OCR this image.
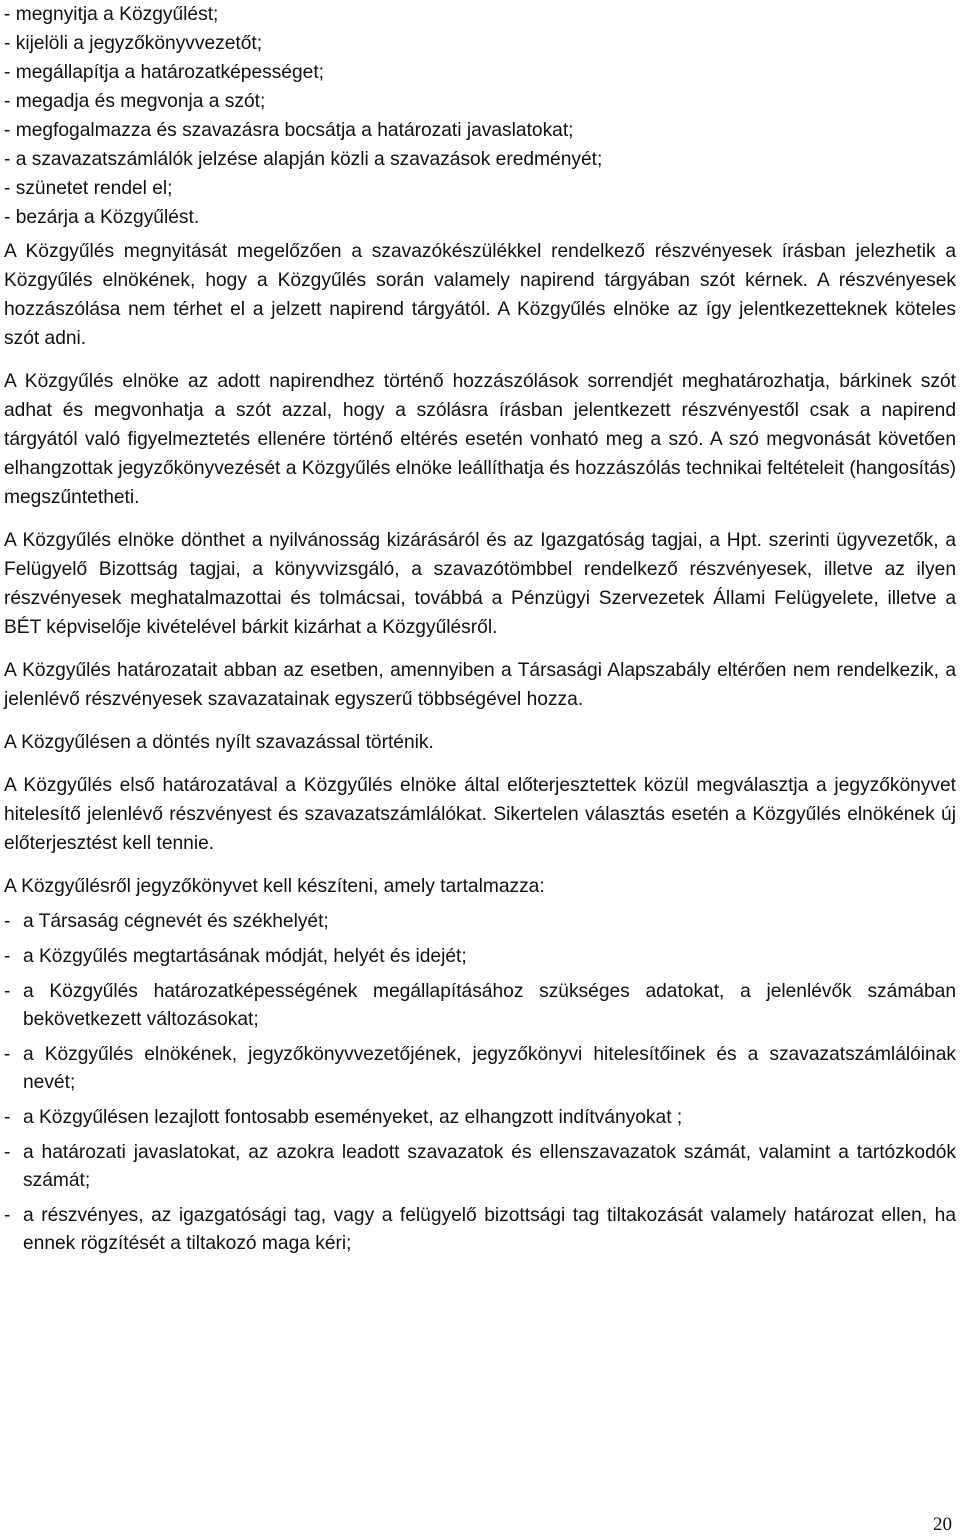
- megnyitja a Közgyűlést;
- kijelöli a jegyzőkönyvvezetőt;
- megállapítja a határozatképességet;
- megadja és megvonja a szót;
- megfogalmazza és szavazásra bocsátja a határozati javaslatokat;
- a szavazatszámlálók jelzése alapján közli a szavazások eredményét;
- szünetet rendel el;
- bezárja a Közgyűlést.

A Közgyűlés megnyitását megelőzően a szavazókészülékkel rendelkező részvényesek írásban jelezhetik a Közgyűlés elnökének, hogy a Közgyűlés során valamely napirend tárgyában szót kérnek. A részvényesek hozzászólása nem térhet el a jelzett napirend tárgyától. A Közgyűlés elnöke az így jelentkezetteknek köteles szót adni.

A Közgyűlés elnöke az adott napirendhez történő hozzászólások sorrendjét meghatározhatja, bárkinek szót adhat és megvonhatja a szót azzal, hogy a szólásra írásban jelentkezett részvényestől csak a napirend tárgyától való figyelmeztetés ellenére történő eltérés esetén vonható meg a szó. A szó megvonását követően elhangzottak jegyzőkönyvezését a Közgyűlés elnöke leállíthatja és hozzászólás technikai feltételeit (hangosítás) megszűntetheti.

A Közgyűlés elnöke dönthet a nyilvánosság kizárásáról és az Igazgatóság tagjai, a Hpt. szerinti ügyvezetők, a Felügyelő Bizottság tagjai, a könyvvizsgáló, a szavazótömbbel rendelkező részvényesek, illetve az ilyen részvényesek meghatalmazottai és tolmácsai, továbbá a Pénzügyi Szervezetek Állami Felügyelete, illetve a BÉT képviselője kivételével bárkit kizárhat a Közgyűlésről.

A Közgyűlés határozatait abban az esetben, amennyiben a Társasági Alapszabály eltérően nem rendelkezik, a jelenlévő részvényesek szavazatainak egyszerű többségével hozza.

A Közgyűlésen a döntés nyílt szavazással történik.

A Közgyűlés első határozatával a Közgyűlés elnöke által előterjesztettek közül megválasztja a jegyzőkönyvet hitelesítő jelenlévő részvényest és szavazatszámlálókat. Sikertelen választás esetén a Közgyűlés elnökének új előterjesztést kell tennie.

A Közgyűlésről jegyzőkönyvet kell készíteni, amely tartalmazza:

- a Társaság cégnevét és székhelyét;
- a Közgyűlés megtartásának módját, helyét és idejét;
- a Közgyűlés határozatképességének megállapításához szükséges adatokat, a jelenlévők számában bekövetkezett változásokat;
- a Közgyűlés elnökének, jegyzőkönyvvezetőjének, jegyzőkönyvi hitelesítőinek és a szavazatszámlálóinak nevét;
- a Közgyűlésen lezajlott fontosabb eseményeket, az elhangzott indítványokat ;
- a határozati javaslatokat, az azokra leadott szavazatok és ellenszavazatok számát, valamint a tartózkodók számát;
- a részvényes, az igazgatósági tag, vagy a felügyelő bizottsági tag tiltakozását valamely határozat ellen, ha ennek rögzítését a tiltakozó maga kéri;
20
